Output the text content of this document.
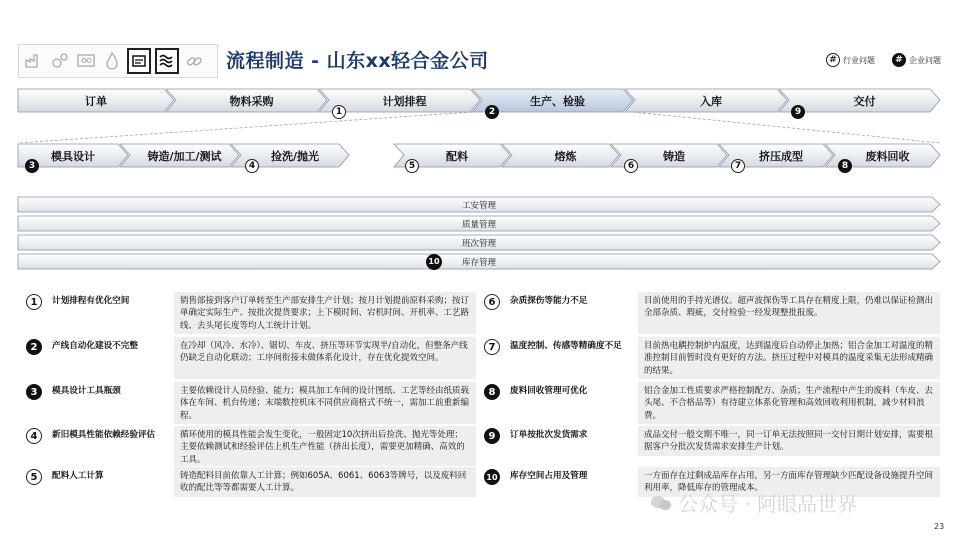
流程制造 - 山东xx轻合金公司	# 行业问题	# 企业问题
订单	物料采购	计划排程	生产、检验	入库	交付
1	2	9
模具设计	铸造/加工/测试	捡洗/抛光	配料	熔炼	铸造	挤压成型	废料回收
3	4	5	6	7	8
工安管理
质量管理
班次管理
库存管理
10
1	计划排程有优化空间	销售部接到客户订单转至生产部安排生产计划；按月计划提前原料采购；按订单确定实际生产、按批次提货要求；上下模时间、宕机时间、开机率、工艺路线、去头尾长度等均人工统计计划。
2	产线自动化建设不完整	在冷却（风冷、水冷）、锯切、车皮、挤压等环节实现半/自动化，但整条产线仍缺乏自动化联动；工序间衔接未做体系化设计，存在优化提效空间。
3	模具设计工具瓶颈	主要依赖设计人员经验、能力；模具加工车间的设计图纸、工艺等经由纸质载体在车间、机台传递；末端数控机床不同供应商格式不统一，需加工前重新编程。
4	新旧模具性能依赖经验评估	循环使用的模具性能会发生变化，一般固定10次挤出后捡洗、抛光等处理；主要依赖测试和经验评估上机生产性能（挤出长度），需要更加精确、高效的工具。
5	配料人工计算	铸造配料目前依靠人工计算；例如605A、6061、6063等牌号，以及废料回收的配比等等都需要人工计算。
6	杂质探伤等能力不足	目前使用的手持光谱仪、超声波探伤等工具存在精度上限，仍难以保证检测出全部杂质、瑕疵，交付检验一经发现整批报废。
7	温度控制、传感等精确度不足	目前热电耦控制炉内温度，达到温度后自动停止加热；铝合金加工对温度的精准控制目前暂时没有更好的方法。挤压过程中对模具的温度采集无法形成精确的结果。
8	废料回收管理可优化	铝合金加工性质要求严格控制配方、杂质；生产流程中产生的废料（车皮、去头尾、不合格品等）有待建立体系化管理和高效回收利用机制，减少材料浪费。
9	订单按批次发货需求	成品交付一般交期不唯一，同一订单无法按照同一交付日期计划安排，需要根据客户分批次发货需求安排生产计划。
10	库存空间占用及管理	一方面存在过剩成品库存占用，另一方面库存管理缺少匹配设备设施提升空间利用率，降低库存的管理成本。
公众号 · 阿眼品世界
23
